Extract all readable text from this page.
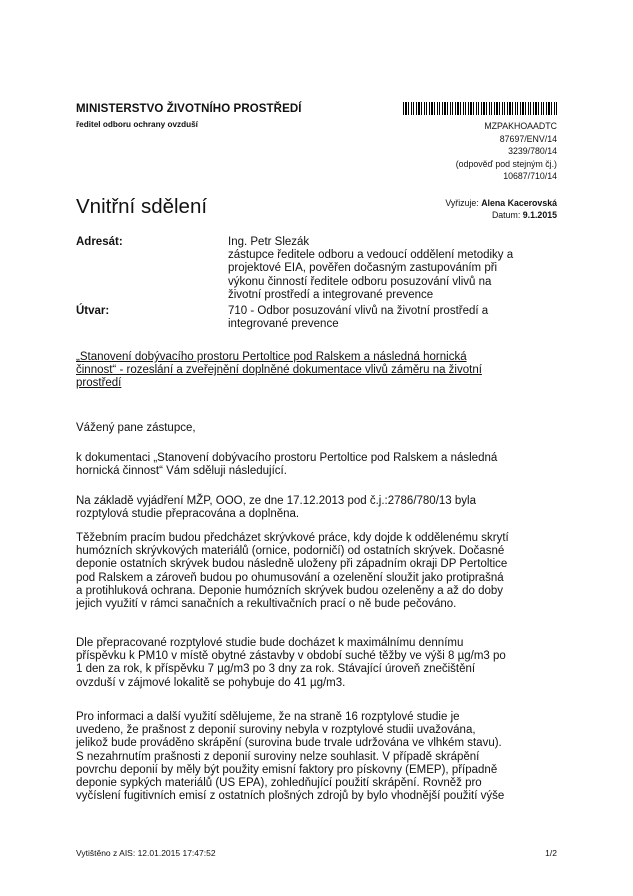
MINISTERSTVO ŽIVOTNÍHO PROSTŘEDÍ
ředitel odboru ochrany ovzduší	MZPAKHOAADTC
87697/ENV/14
3239/780/14
(odpověď pod stejným čj.)
10687/710/14
Vnitřní sdělení	Vyřizuje: Alena Kacerovská
Datum: 9.1.2015
Adresát:	Ing. Petr Slezák
zástupce ředitele odboru a vedoucí oddělení metodiky a
projektové EIA, pověřen dočasným zastupováním při
výkonu činností ředitele odboru posuzování vlivů na
životní prostředí a integrované prevence
Útvar:	710 - Odbor posuzování vlivů na životní prostředí a
integrované prevence
„Stanovení dobývacího prostoru Pertoltice pod Ralskem a následná hornická
činnost“ - rozeslání a zveřejnění doplněné dokumentace vlivů záměru na životní
prostředí
Vážený pane zástupce,

k dokumentaci „Stanovení dobývacího prostoru Pertoltice pod Ralskem a následná

hornická činnost“ Vám sděluji následující.

Na základě vyjádření MŽP, OOO, ze dne 17.12.2013 pod č.j.:2786/780/13 byla

rozptylová studie přepracována a doplněna.

Těžebním pracím budou předcházet skrývkové práce, kdy dojde k oddělenému skrytí

humózních skrývkových materiálů (ornice, podorničí) od ostatních skrývek. Dočasné

deponie ostatních skrývek budou následně uloženy při západním okraji DP Pertoltice

pod Ralskem a zároveň budou po ohumusování a ozelenění sloužit jako protiprašná

a protihluková ochrana. Deponie humózních skrývek budou ozeleněny a až do doby

jejich využití v rámci sanačních a rekultivačních prací o ně bude pečováno.

Dle přepracované rozptylové studie bude docházet k maximálnímu dennímu

příspěvku k PM10 v místě obytné zástavby v období suché těžby ve výši 8 µg/m3 po

1 den za rok, k příspěvku 7 µg/m3 po 3 dny za rok. Stávající úroveň znečištění

ovzduší v zájmové lokalitě se pohybuje do 41 µg/m3.

Pro informaci a další využití sdělujeme, že na straně 16 rozptylové studie je

uvedeno, že prašnost z deponií suroviny nebyla v rozptylové studii uvažována,

jelikož bude prováděno skrápění (surovina bude trvale udržována ve vlhkém stavu).

S nezahrnutím prašnosti z deponií suroviny nelze souhlasit. V případě skrápění

povrchu deponií by měly být použity emisní faktory pro pískovny (EMEP), případně

deponie sypkých materiálů (US EPA), zohledňující použití skrápění. Rovněž pro

vyčíslení fugitivních emisí z ostatních plošných zdrojů by bylo vhodnější použití výše

Vytištěno z AIS: 12.01.2015 17:47:52	1/2
